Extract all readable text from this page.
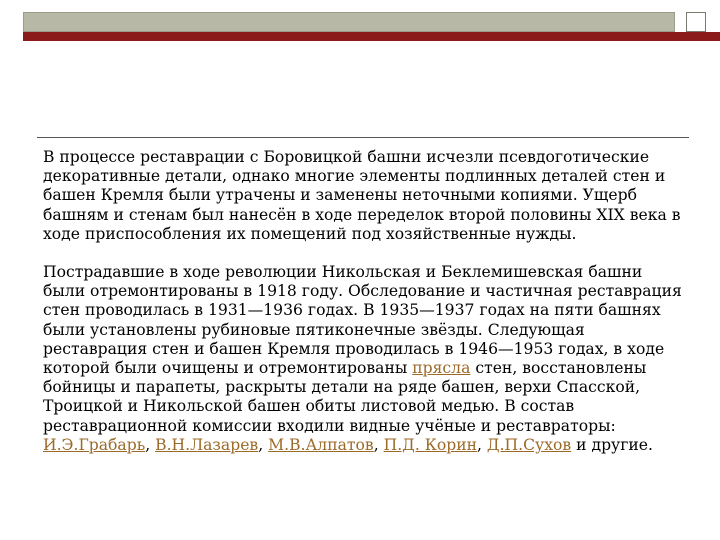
В процессе реставрации с Боровицкой башни исчезли псевдоготические декоративные детали, однако многие элементы подлинных деталей стен и башен Кремля были утрачены и заменены неточными копиями. Ущерб башням и стенам был нанесён в ходе переделок второй половины XIX века в ходе приспособления их помещений под хозяйственные нужды.

Пострадавшие в ходе революции Никольская и Беклемишевская башни были отремонтированы в 1918 году. Обследование и частичная реставрация стен проводилась в 1931—1936 годах. В 1935—1937 годах на пяти башнях были установлены рубиновые пятиконечные звёзды. Следующая реставрация стен и башен Кремля проводилась в 1946—1953 годах, в ходе которой были очищены и отремонтированы прясла стен, восстановлены бойницы и парапеты, раскрыты детали на ряде башен, верхи Спасской, Троицкой и Никольской башен обиты листовой медью. В состав реставрационной комиссии входили видные учёные и реставраторы: И.Э.Грабарь, В.Н.Лазарев, М.В.Алпатов, П.Д. Корин, Д.П.Сухов и другие.
